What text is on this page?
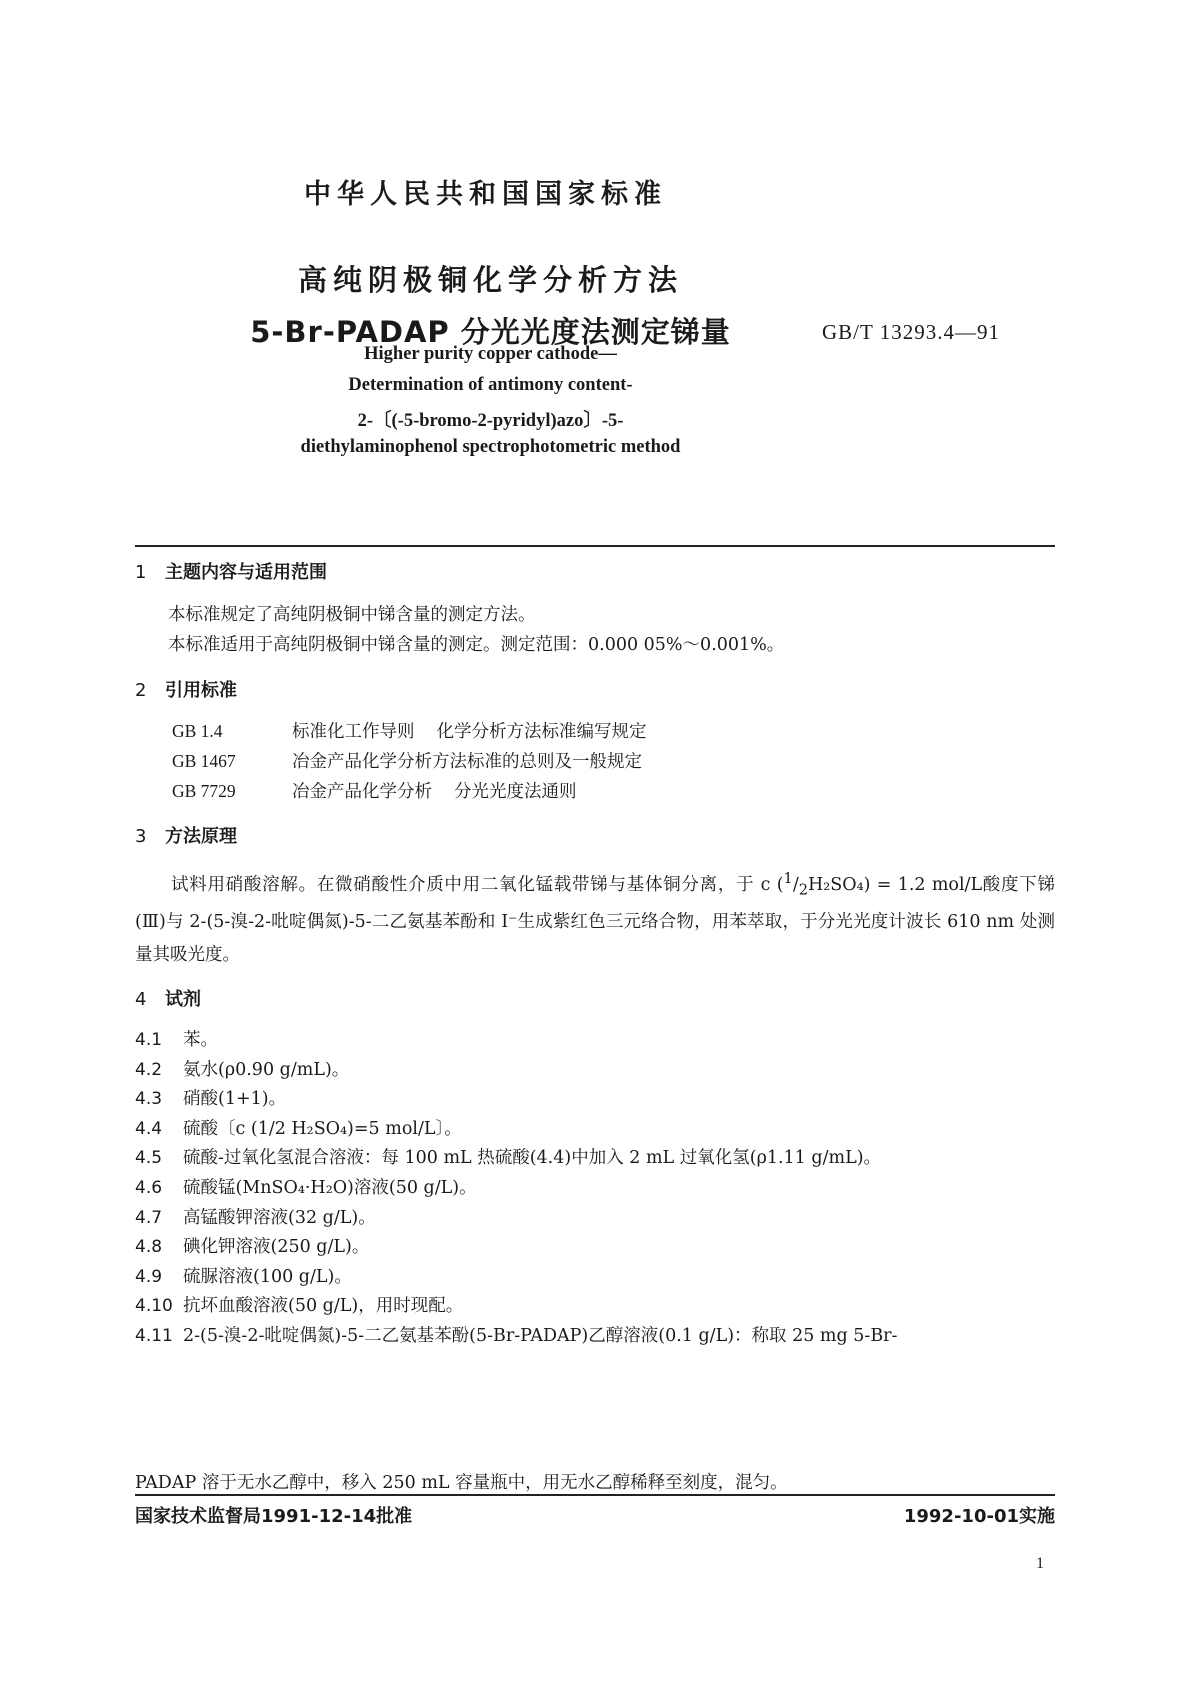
中华人民共和国国家标准
高纯阴极铜化学分析方法
5-Br-PADAP 分光光度法测定锑量	GB/T 13293.4—91
Higher purity copper cathode—
Determination of antimony content-
2-〔(-5-bromo-2-pyridyl)azo〕-5-
diethylaminophenol spectrophotometric method
1 主题内容与适用范围
本标准规定了高纯阴极铜中锑含量的测定方法。
本标准适用于高纯阴极铜中锑含量的测定。测定范围：0.000 05%～0.001%。
2 引用标准
GB 1.4	标准化工作导则 化学分析方法标准编写规定
GB 1467	冶金产品化学分析方法标准的总则及一般规定
GB 7729	冶金产品化学分析 分光光度法通则
3 方法原理
试料用硝酸溶解。在微硝酸性介质中用二氧化锰载带锑与基体铜分离，于 c $(^1/_2H_2SO_4) = 1.2$ mol/L酸度下锑(Ⅲ)与 2-(5-溴-2-吡啶偶氮)-5-二乙氨基苯酚和 I⁻生成紫红色三元络合物，用苯萃取，于分光光度计波长 610 nm 处测量其吸光度。
4 试剂
4.1 苯。
4.2 氨水(ρ0.90 g/mL)。
4.3 硝酸(1+1)。
4.4 硫酸〔c (1/2 H₂SO₄)=5 mol/L〕。
4.5 硫酸-过氧化氢混合溶液：每 100 mL 热硫酸(4.4)中加入 2 mL 过氧化氢(ρ1.11 g/mL)。
4.6 硫酸锰(MnSO₄·H₂O)溶液(50 g/L)。
4.7 高锰酸钾溶液(32 g/L)。
4.8 碘化钾溶液(250 g/L)。
4.9 硫脲溶液(100 g/L)。
4.10 抗坏血酸溶液(50 g/L)，用时现配。
4.11 2-(5-溴-2-吡啶偶氮)-5-二乙氨基苯酚(5-Br-PADAP)乙醇溶液(0.1 g/L)：称取 25 mg 5-Br-
PADAP 溶于无水乙醇中，移入 250 mL 容量瓶中，用无水乙醇稀释至刻度，混匀。
国家技术监督局1991-12-14批准	1992-10-01实施
1
